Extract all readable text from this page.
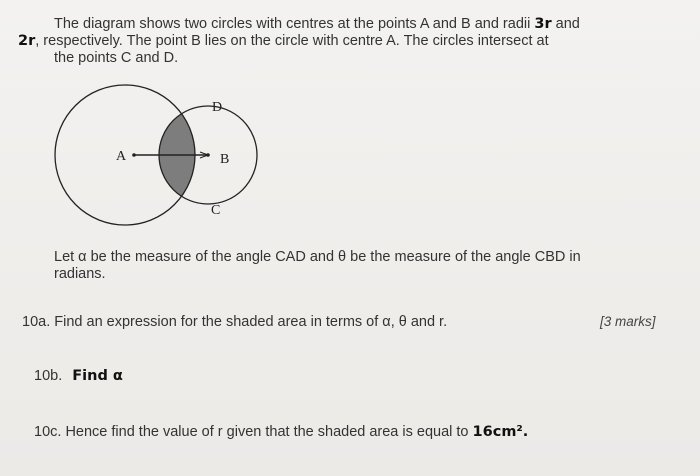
The diagram shows two circles with centres at the points A and B and radii 3r and
2r, respectively. The point B lies on the circle with centre A. The circles intersect at
the points C and D.
A	B
C
D
Let α be the measure of the angle CAD and θ be the measure of the angle CBD in
radians.
10a. Find an expression for the shaded area in terms of α, θ and r.	[3 marks]
10b. Find α
10c. Hence find the value of r given that the shaded area is equal to 16cm².
